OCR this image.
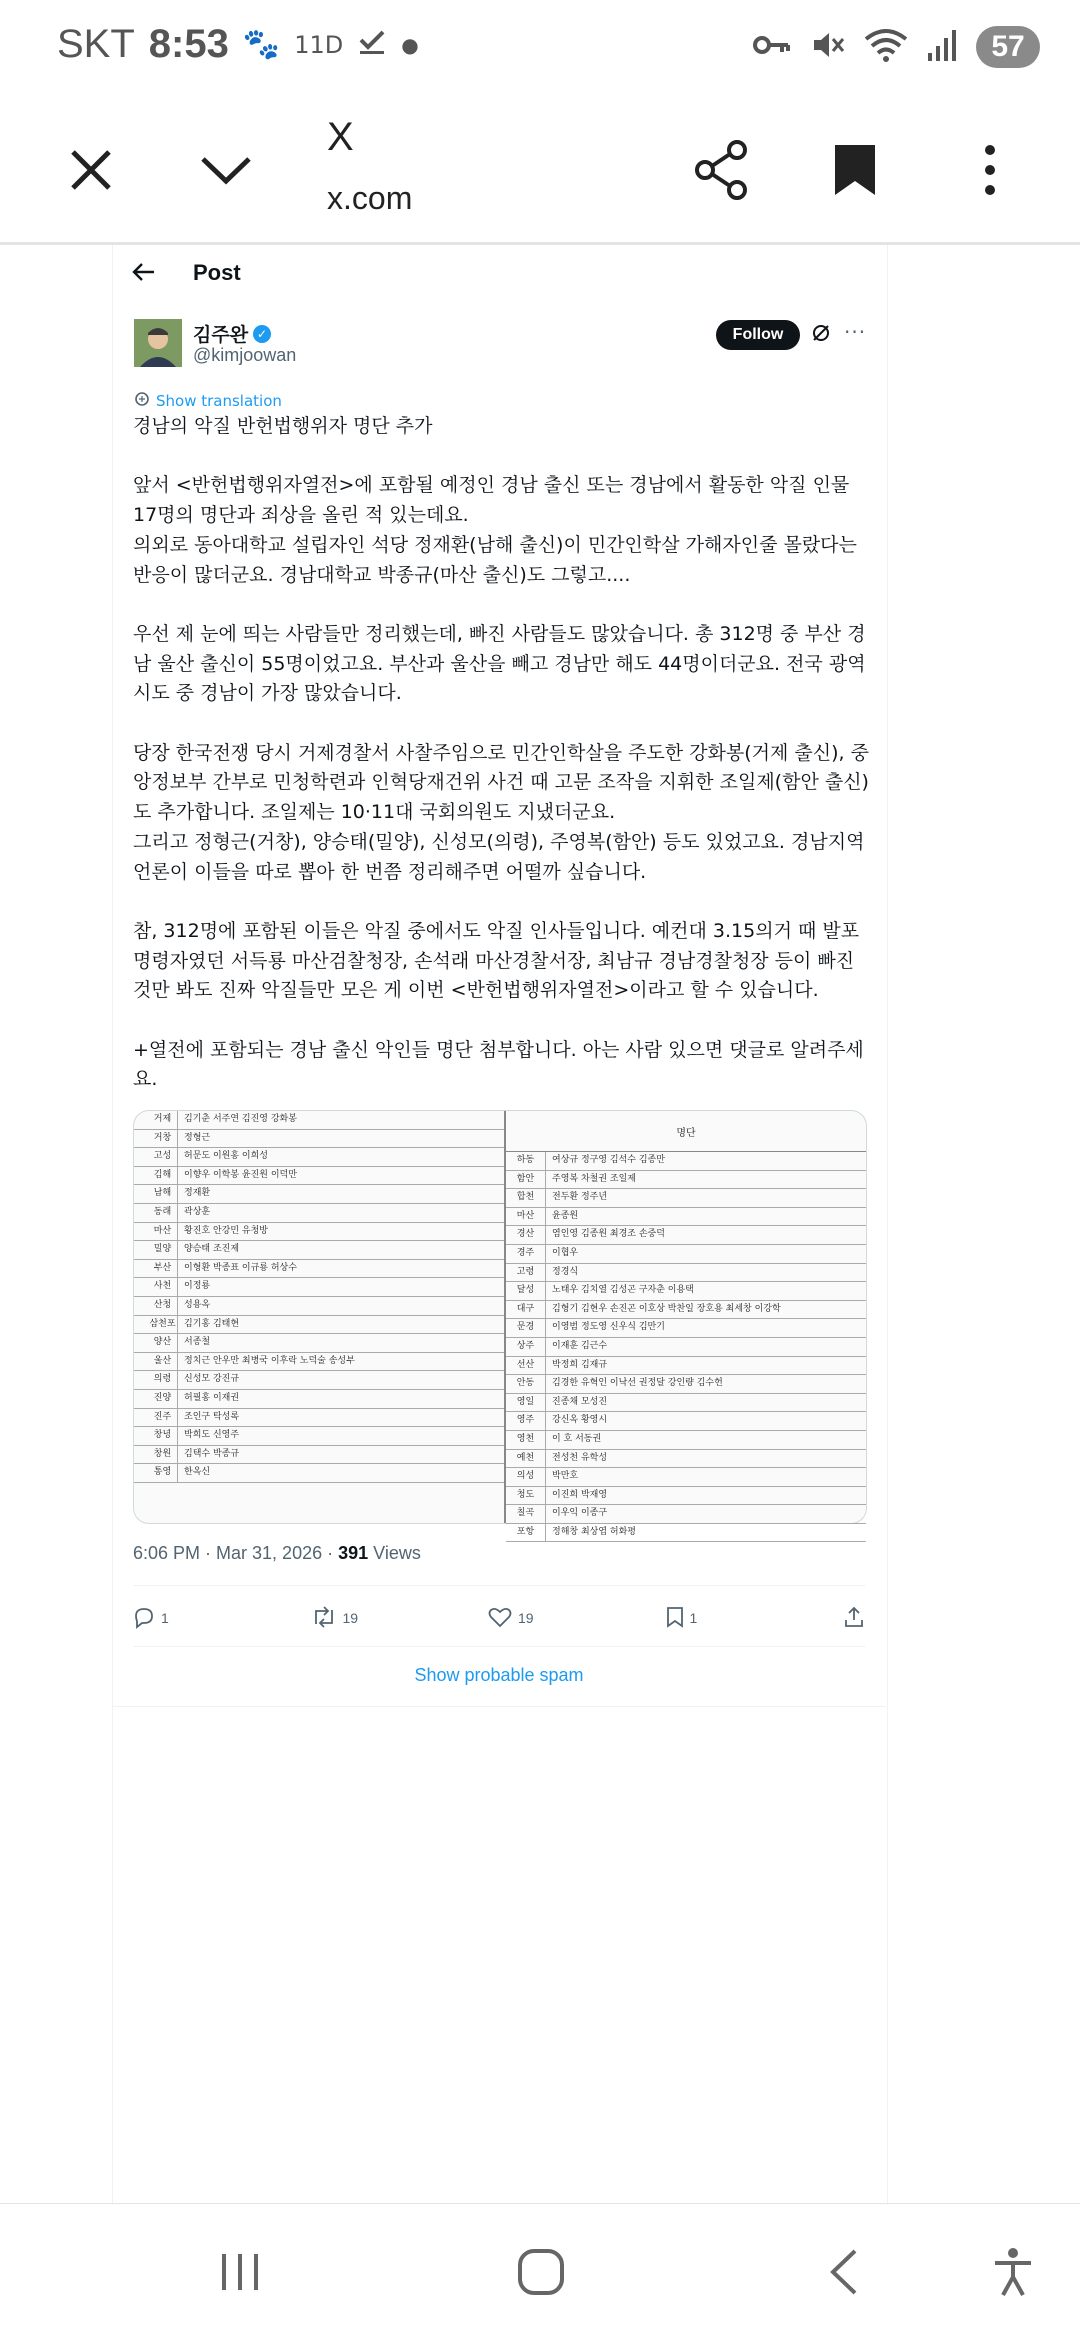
SKT 8:53 🐾 11D	●	57
X
x.com
Post
김주완 ✓
@kimjoowan
Follow	···
Show translation
경남의 악질 반헌법행위자 명단 추가

앞서 <반헌법행위자열전>에 포함될 예정인 경남 출신 또는 경남에서 활동한 악질 인물 17명의 명단과 죄상을 올린 적 있는데요.
의외로 동아대학교 설립자인 석당 정재환(남해 출신)이 민간인학살 가해자인줄 몰랐다는 반응이 많더군요. 경남대학교 박종규(마산 출신)도 그렇고....

우선 제 눈에 띄는 사람들만 정리했는데, 빠진 사람들도 많았습니다. 총 312명 중 부산 경남 울산 출신이 55명이었고요. 부산과 울산을 빼고 경남만 해도 44명이더군요. 전국 광역시도 중 경남이 가장 많았습니다.

당장 한국전쟁 당시 거제경찰서 사찰주임으로 민간인학살을 주도한 강화봉(거제 출신), 중앙정보부 간부로 민청학련과 인혁당재건위 사건 때 고문 조작을 지휘한 조일제(함안 출신)도 추가합니다. 조일제는 10·11대 국회의원도 지냈더군요.
그리고 정형근(거창), 양승태(밀양), 신성모(의령), 주영복(함안) 등도 있었고요. 경남지역 언론이 이들을 따로 뽑아 한 번쯤 정리해주면 어떨까 싶습니다.

참, 312명에 포함된 이들은 악질 중에서도 악질 인사들입니다. 예컨대 3.15의거 때 발포명령자였던 서득룡 마산검찰청장, 손석래 마산경찰서장, 최남규 경남경찰청장 등이 빠진 것만 봐도 진짜 악질들만 모은 게 이번 <반헌법행위자열전>이라고 할 수 있습니다.

+열전에 포함되는 경남 출신 악인들 명단 첨부합니다. 아는 사람 있으면 댓글로 알려주세요.
거제	김기춘 서주연 김진영 강화봉
거창	정형근
고성	허문도 이원홍 이희성
김해	이향우 이학봉 윤진원 이덕만
남해	정재환
동래	곽상훈
마산	황진호 안강민 유청방
밀양	양승태 조진제
부산	이형환 박종표 이규룡 허상수
사천	이정룡
산청	성용옥
삼천포 김기홍 김태현
양산	서종철
울산	정치근 안우만 최병국 이후락 노덕술 송성부
의령	신성모 강진규
진양	허필홍 이재권
진주	조인구 탁성록
창녕	박희도 신영주
창원	김택수 박종규
통영	한옥신
명단
하동	여상규 정구영 김석수 김종만
함안	주영복 차철권 조일제
합천	전두환 정주년
마산	윤종원
경산	염인영 김종원 최경조 손중덕
경주	이협우
고령	정경식
달성	노태우 김치열 김성곤 구자춘 이용택
대구	김형기 김현우 손진곤 이호상 박찬일 장호용 최세창 이강학
문경	이영범 정도영 신우식 김만기
상주	이재훈 김근수
선산	박정희 김재규
안동	김경한 유혁인 이낙선 권정달 강인량 김수헌
영일	진종채 모성진
영주	강신옥 황영시
영천	이 호 서동권
예천	전성천 유학성
의성	박만호
청도	이진희 박재영
칠곡	이우익 이종구
포항	정해창 최상엽 허화평
6:06 PM · Mar 31, 2026 · 391 Views
1	19	19	1
Show probable spam
